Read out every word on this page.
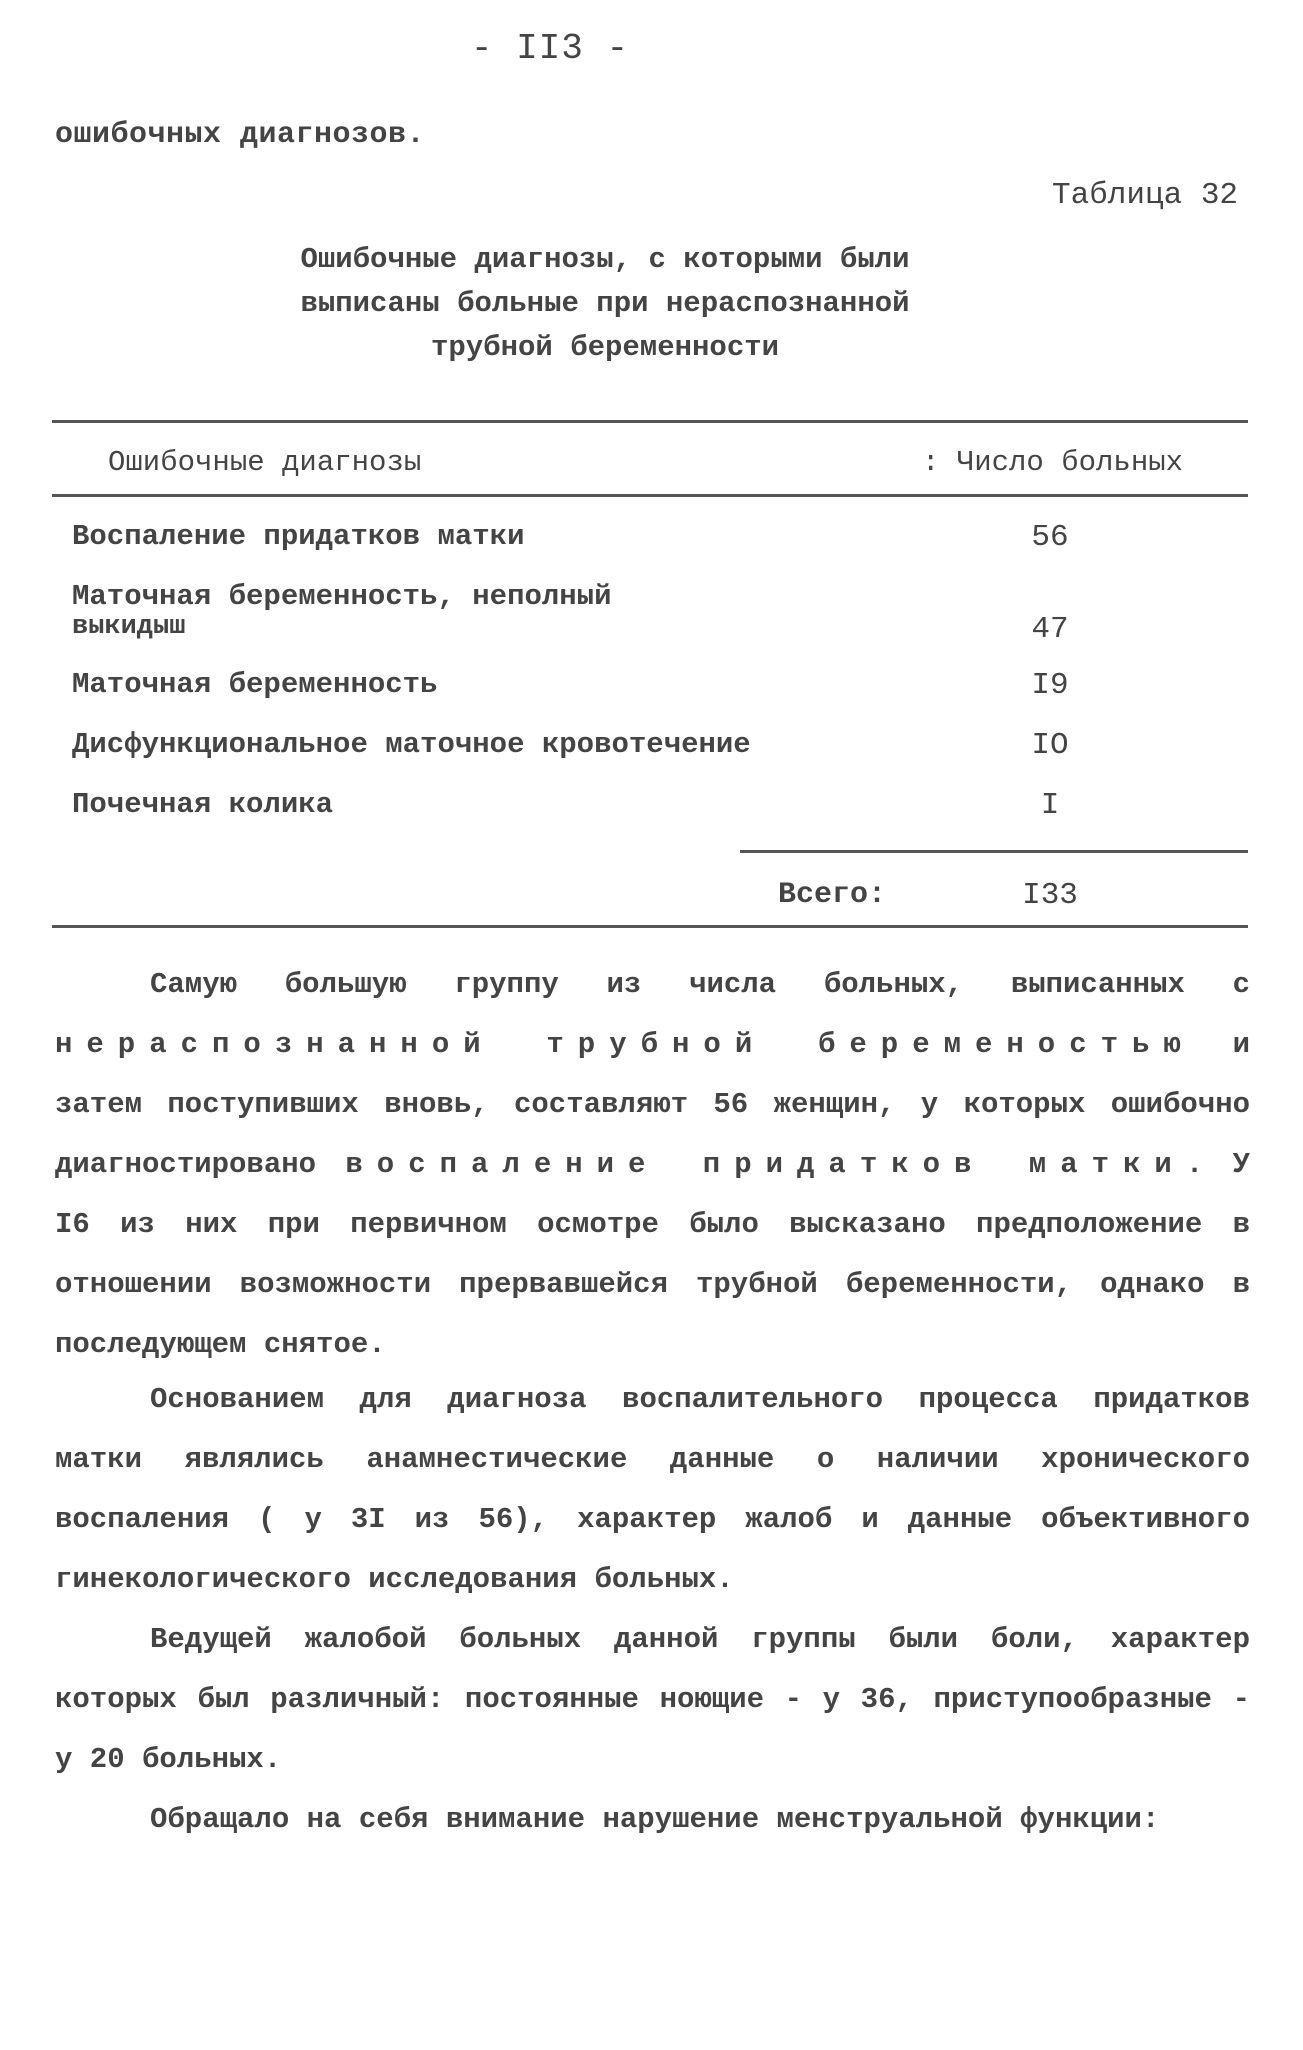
- II3 -
ошибочных диагнозов.
Таблица 32
Ошибочные диагнозы, с которыми были
выписаны больные при нераспознанной
трубной беременности
Ошибочные диагнозы	: Число больных
Воспаление придатков матки	56
Маточная беременность, неполный
выкидыш	47
Маточная беременность	I9
Дисфункциональное маточное кровотечение	IO
Почечная колика	I
Всего:	I33

Самую большую группу из числа больных, выписанных с нераспознанной трубной беременостью и затем поступивших вновь, составляют 56 женщин, у которых ошибочно диагностировано воспаление придатков матки. У I6 из них при первичном осмотре было высказано предположение в отношении возможности прервавшейся трубной беременности, однако в последующем снятое.

Основанием для диагноза воспалительного процесса придатков матки являлись анамнестические данные о наличии хронического воспаления ( у 3I из 56), характер жалоб и данные объективного гинекологического исследования больных.

Ведущей жалобой больных данной группы были боли, характер которых был различный: постоянные ноющие - у 36, приступообразные - у 20 больных.

Обращало на себя внимание нарушение менструальной функции:
